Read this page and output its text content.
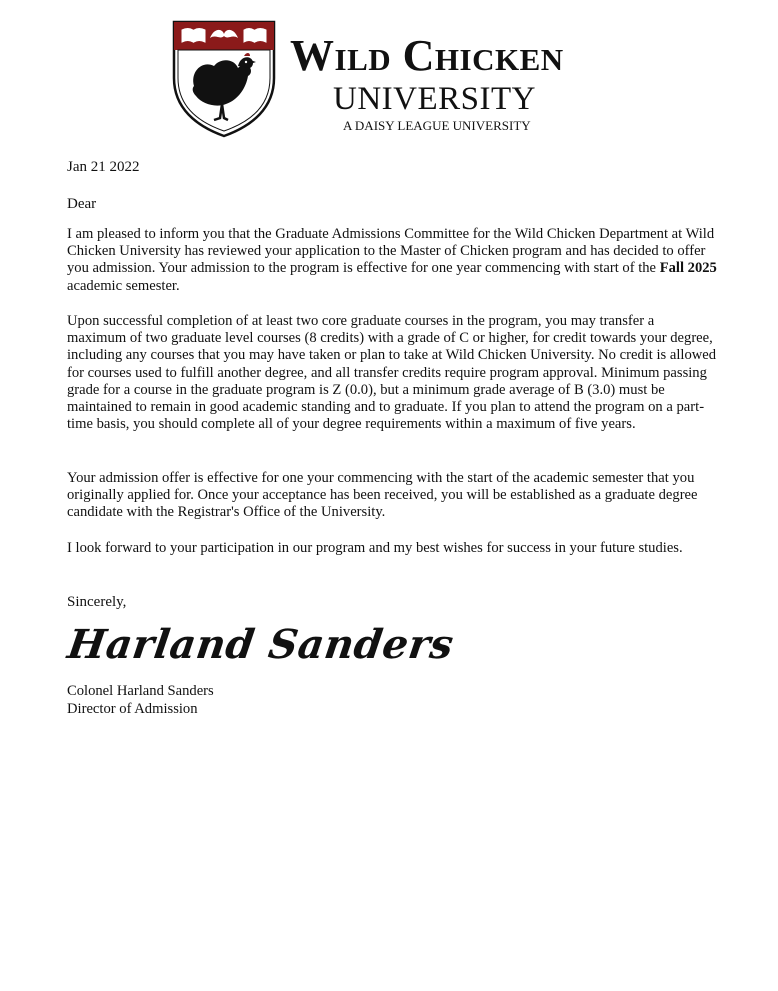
Wild Chicken
UNIVERSITY
A DAISY LEAGUE UNIVERSITY
Jan 21 2022
Dear

I am pleased to inform you that the Graduate Admissions Committee for the Wild Chicken Department at Wild Chicken University has reviewed your application to the Master of Chicken program and has decided to offer you admission. Your admission to the program is effective for one year commencing with start of the Fall 2025 academic semester.

Upon successful completion of at least two core graduate courses in the program, you may transfer a maximum of two graduate level courses (8 credits) with a grade of C or higher, for credit towards your degree, including any courses that you may have taken or plan to take at Wild Chicken University. No credit is allowed for courses used to fulfill another degree, and all transfer credits require program approval. Minimum passing grade for a course in the graduate program is Z (0.0), but a minimum grade average of B (3.0) must be maintained to remain in good academic standing and to graduate. If you plan to attend the program on a part-time basis, you should complete all of your degree requirements within a maximum of five years.

Your admission offer is effective for one your commencing with the start of the academic semester that you originally applied for. Once your acceptance has been received, you will be established as a graduate degree candidate with the Registrar's Office of the University.

I look forward to your participation in our program and my best wishes for success in your future studies.

Sincerely,
Harland Sanders
Colonel Harland Sanders
Director of Admission
